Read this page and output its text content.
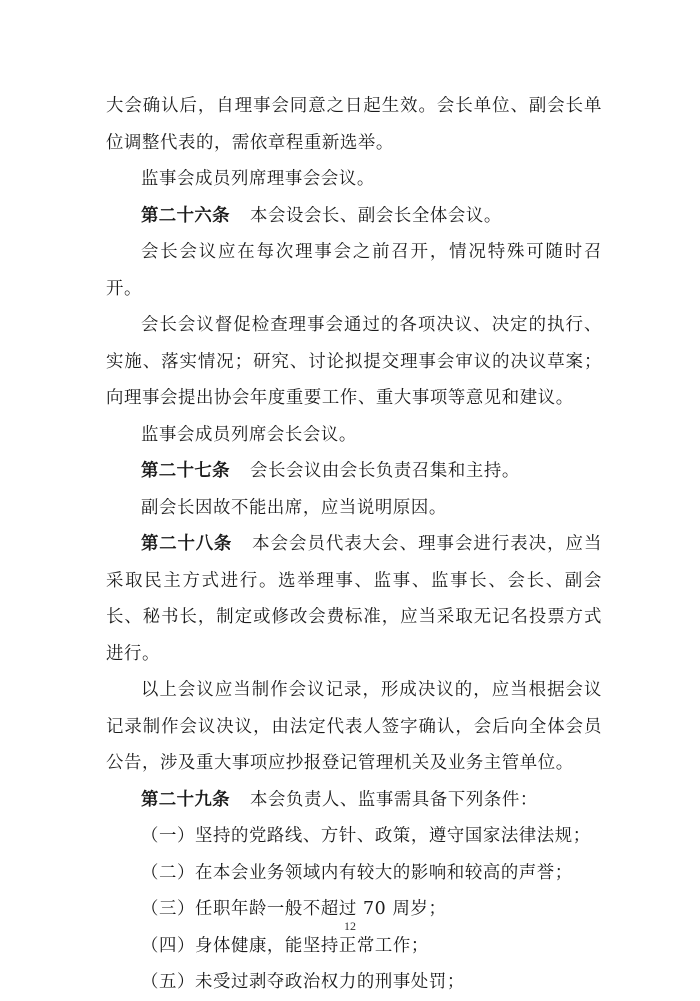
大会确认后，自理事会同意之日起生效。会长单位、副会长单位调整代表的，需依章程重新选举。

监事会成员列席理事会会议。

第二十六条 本会设会长、副会长全体会议。

会长会议应在每次理事会之前召开，情况特殊可随时召开。

会长会议督促检查理事会通过的各项决议、决定的执行、实施、落实情况；研究、讨论拟提交理事会审议的决议草案；向理事会提出协会年度重要工作、重大事项等意见和建议。

监事会成员列席会长会议。

第二十七条 会长会议由会长负责召集和主持。

副会长因故不能出席，应当说明原因。

第二十八条 本会会员代表大会、理事会进行表决，应当采取民主方式进行。选举理事、监事、监事长、会长、副会长、秘书长，制定或修改会费标准，应当采取无记名投票方式进行。

以上会议应当制作会议记录，形成决议的，应当根据会议记录制作会议决议，由法定代表人签字确认，会后向全体会员公告，涉及重大事项应抄报登记管理机关及业务主管单位。

第二十九条 本会负责人、监事需具备下列条件：

（一）坚持的党路线、方针、政策，遵守国家法律法规；

（二）在本会业务领域内有较大的影响和较高的声誉；

（三）任职年龄一般不超过 70 周岁；

（四）身体健康，能坚持正常工作；

（五）未受过剥夺政治权力的刑事处罚；

12
